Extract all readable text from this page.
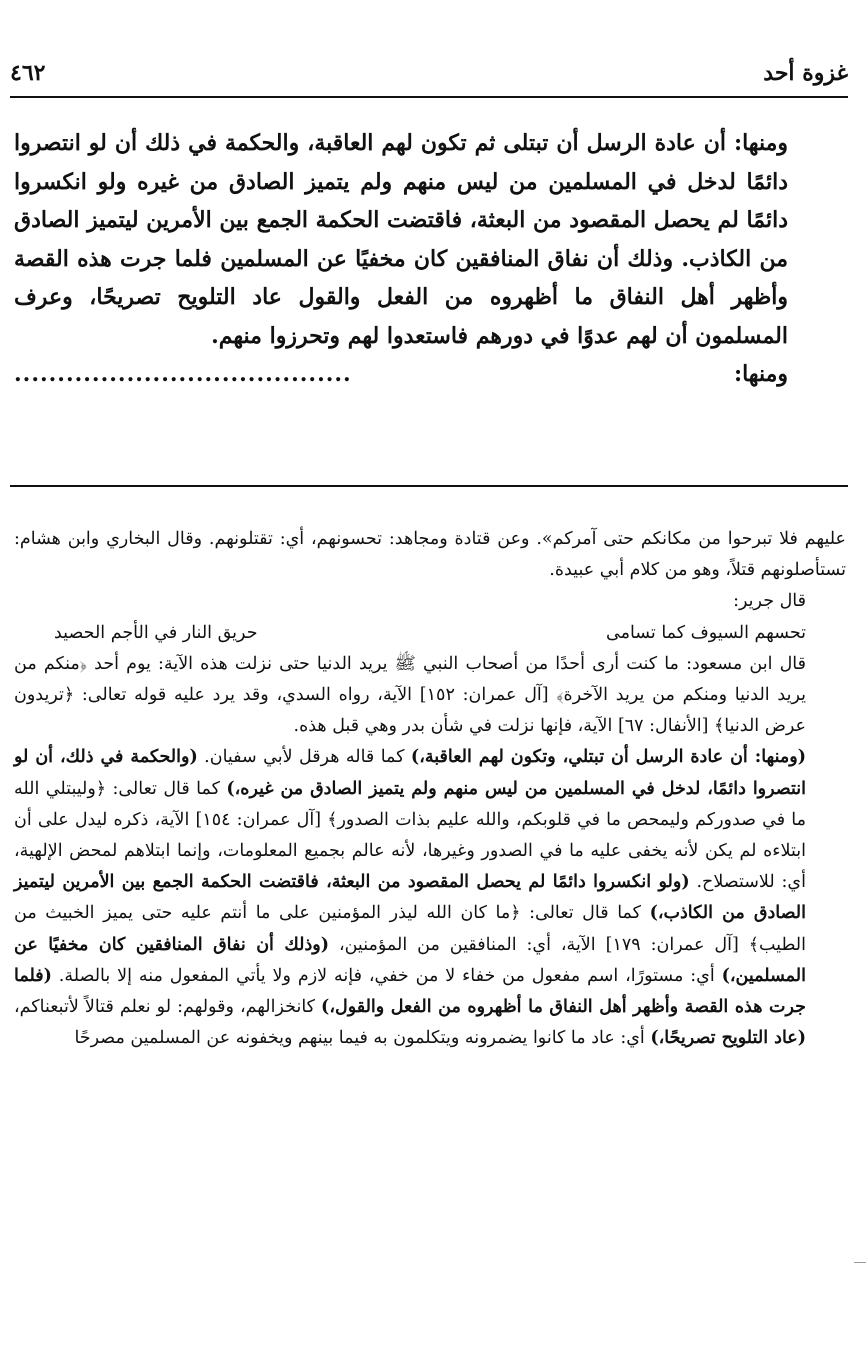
غزوة أحد
٤٦٢

ومنها: أن عادة الرسل أن تبتلى ثم تكون لهم العاقبة، والحكمة في ذلك أن لو انتصروا دائمًا لدخل في المسلمين من ليس منهم ولم يتميز الصادق من غيره ولو انكسروا دائمًا لم يحصل المقصود من البعثة، فاقتضت الحكمة الجمع بين الأمرين ليتميز الصادق من الكاذب. وذلك أن نفاق المنافقين كان مخفيًا عن المسلمين فلما جرت هذه القصة وأظهر أهل النفاق ما أظهروه من الفعل والقول عاد التلويح تصريحًا، وعرف المسلمون أن لهم عدوًا في دورهم فاستعدوا لهم وتحرزوا منهم.

ومنها:
.......................................

عليهم فلا تبرحوا من مكانكم حتى آمركم». وعن قتادة ومجاهد: تحسونهم، أي: تقتلونهم. وقال البخاري وابن هشام: تستأصلونهم قتلاً، وهو من كلام أبي عبيدة.

قال جرير:

تحسهم السيوف كما تسامى
حريق النار في الأجم الحصيد

قال ابن مسعود: ما كنت أرى أحدًا من أصحاب النبي ﷺ يريد الدنيا حتى نزلت هذه الآية: يوم أحد ﴿منكم من يريد الدنيا ومنكم من يريد الآخرة﴾ [آل عمران: ١٥٢] الآية، رواه السدي، وقد يرد عليه قوله تعالى: ﴿تريدون عرض الدنيا﴾ [الأنفال: ٦٧] الآية، فإنها نزلت في شأن بدر وهي قبل هذه.

(ومنها: أن عادة الرسل أن تبتلي، وتكون لهم العاقبة،) كما قاله هرقل لأبي سفيان. (والحكمة في ذلك، أن لو انتصروا دائمًا، لدخل في المسلمين من ليس منهم ولم يتميز الصادق من غيره،) كما قال تعالى: ﴿وليبتلي الله ما في صدوركم وليمحص ما في قلوبكم، والله عليم بذات الصدور﴾ [آل عمران: ١٥٤] الآية، ذكره ليدل على أن ابتلاءه لم يكن لأنه يخفى عليه ما في الصدور وغيرها، لأنه عالم بجميع المعلومات، وإنما ابتلاهم لمحض الإلهية، أي: للاستصلاح. (ولو انكسروا دائمًا لم يحصل المقصود من البعثة، فاقتضت الحكمة الجمع بين الأمرين ليتميز الصادق من الكاذب،) كما قال تعالى: ﴿ما كان الله ليذر المؤمنين على ما أنتم عليه حتى يميز الخبيث من الطيب﴾ [آل عمران: ١٧٩] الآية، أي: المنافقين من المؤمنين، (وذلك أن نفاق المنافقين كان مخفيًا عن المسلمين،) أي: مستورًا، اسم مفعول من خفاء لا من خفي، فإنه لازم ولا يأتي المفعول منه إلا بالصلة. (فلما جرت هذه القصة وأظهر أهل النفاق ما أظهروه من الفعل والقول،) كانخزالهم، وقولهم: لو نعلم قتالاً لأتبعناكم، (عاد التلويح تصريحًا،) أي: عاد ما كانوا يضمرونه ويتكلمون به فيما بينهم ويخفونه عن المسلمين مصرحًا
